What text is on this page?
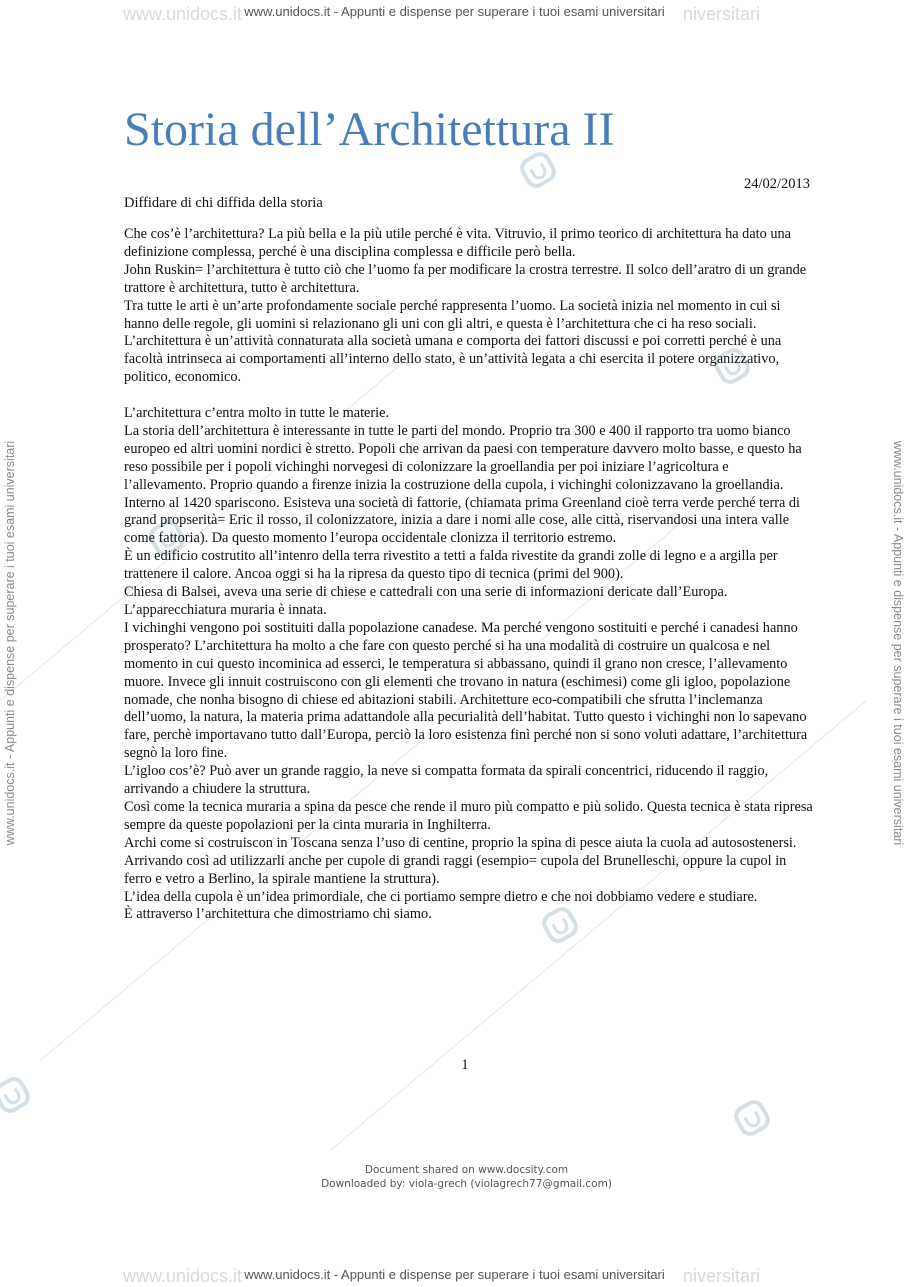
www.unidocs.it	niversitari
www.unidocs.it	niversitari
www.unidocs.it - Appunti e dispense per superare i tuoi esami universitari
www.unidocs.it - Appunti e dispense per superare i tuoi esami universitari
www.unidocs.it - Appunti e dispense per superare i tuoi esami universitari	www.unidocs.it - Appunti e dispense per superare i tuoi esami universitari
Storia dell’Architettura II
24/02/2013
Diffidare di chi diffida della storia

Che cos’è l’architettura? La più bella e la più utile perché è vita. Vitruvio, il primo teorico di architettura ha dato una definizione complessa, perché è una disciplina complessa e difficile però bella.

John Ruskin= l’architettura è tutto ciò che l’uomo fa per modificare la crostra terrestre. Il solco dell’aratro di un grande trattore è architettura, tutto è architettura.

Tra tutte le arti è un’arte profondamente sociale perché rappresenta l’uomo. La società inizia nel momento in cui si hanno delle regole, gli uomini si relazionano gli uni con gli altri, e questa è l’architettura che ci ha reso sociali.

L’architettura è un’attività connaturata alla società umana e comporta dei fattori discussi e poi corretti perché è una facoltà intrinseca ai comportamenti all’interno dello stato, è un’attività legata a chi esercita il potere organizzativo, politico, economico.

L’architettura c’entra molto in tutte le materie.

La storia dell’architettura è interessante in tutte le parti del mondo. Proprio tra 300 e 400 il rapporto tra uomo bianco europeo ed altri uomini nordici è stretto. Popoli che arrivan da paesi con temperature davvero molto basse, e questo ha reso possibile per i popoli vichinghi norvegesi di colonizzare la groellandia per poi iniziare l’agricoltura e l’allevamento. Proprio quando a firenze inizia la costruzione della cupola, i vichinghi colonizzavano la groellandia. Interno al 1420 spariscono. Esisteva una società di fattorie, (chiamata prima Greenland cioè terra verde perché terra di grand propserità= Eric il rosso, il colonizzatore, inizia a dare i nomi alle cose, alle città, riservandosi una intera valle come fattoria). Da questo momento l’europa occidentale clonizza il territorio estremo.

È un edificio costrutito all’intenro della terra rivestito a tetti a falda rivestite da grandi zolle di legno e a argilla per trattenere il calore. Ancoa oggi si ha la ripresa da questo tipo di tecnica (primi del 900).

Chiesa di Balsei, aveva una serie di chiese e cattedrali con una serie di informazioni dericate dall’Europa.

L’apparecchiatura muraria è innata.

I vichinghi vengono poi sostituiti dalla popolazione canadese. Ma perché vengono sostituiti e perché i canadesi hanno prosperato? L’architettura ha molto a che fare con questo perché si ha una modalità di costruire un qualcosa e nel momento in cui questo incominica ad esserci, le temperatura si abbassano, quindi il grano non cresce, l’allevamento muore. Invece gli innuit costruiscono con gli elementi che trovano in natura (eschimesi) come gli igloo, popolazione nomade, che nonha bisogno di chiese ed abitazioni stabili. Architetture eco-compatibili che sfrutta l’inclemanza dell’uomo, la natura, la materia prima adattandole alla pecurialità dell’habitat. Tutto questo i vichinghi non lo sapevano fare, perchè importavano tutto dall’Europa, perciò la loro esistenza finì perché non si sono voluti adattare, l’architettura segnò la loro fine.

L’igloo cos’è? Può aver un grande raggio, la neve si compatta formata da spirali concentrici, riducendo il raggio, arrivando a chiudere la struttura.

Così come la tecnica muraria a spina da pesce che rende il muro più compatto e più solido. Questa tecnica è stata ripresa sempre da queste popolazioni per la cinta muraria in Inghilterra.

Archi come si costruiscon in Toscana senza l’uso di centine, proprio la spina di pesce aiuta la cuola ad autosostenersi.

Arrivando così ad utilizzarli anche per cupole di grandi raggi (esempio= cupola del Brunelleschi, oppure la cupol in ferro e vetro a Berlino, la spirale mantiene la struttura).

L’idea della cupola è un’idea primordiale, che ci portiamo sempre dietro e che noi dobbiamo vedere e studiare.

È attraverso l’architettura che dimostriamo chi siamo.

1
Document shared on www.docsity.com
Downloaded by: viola-grech (violagrech77@gmail.com)
